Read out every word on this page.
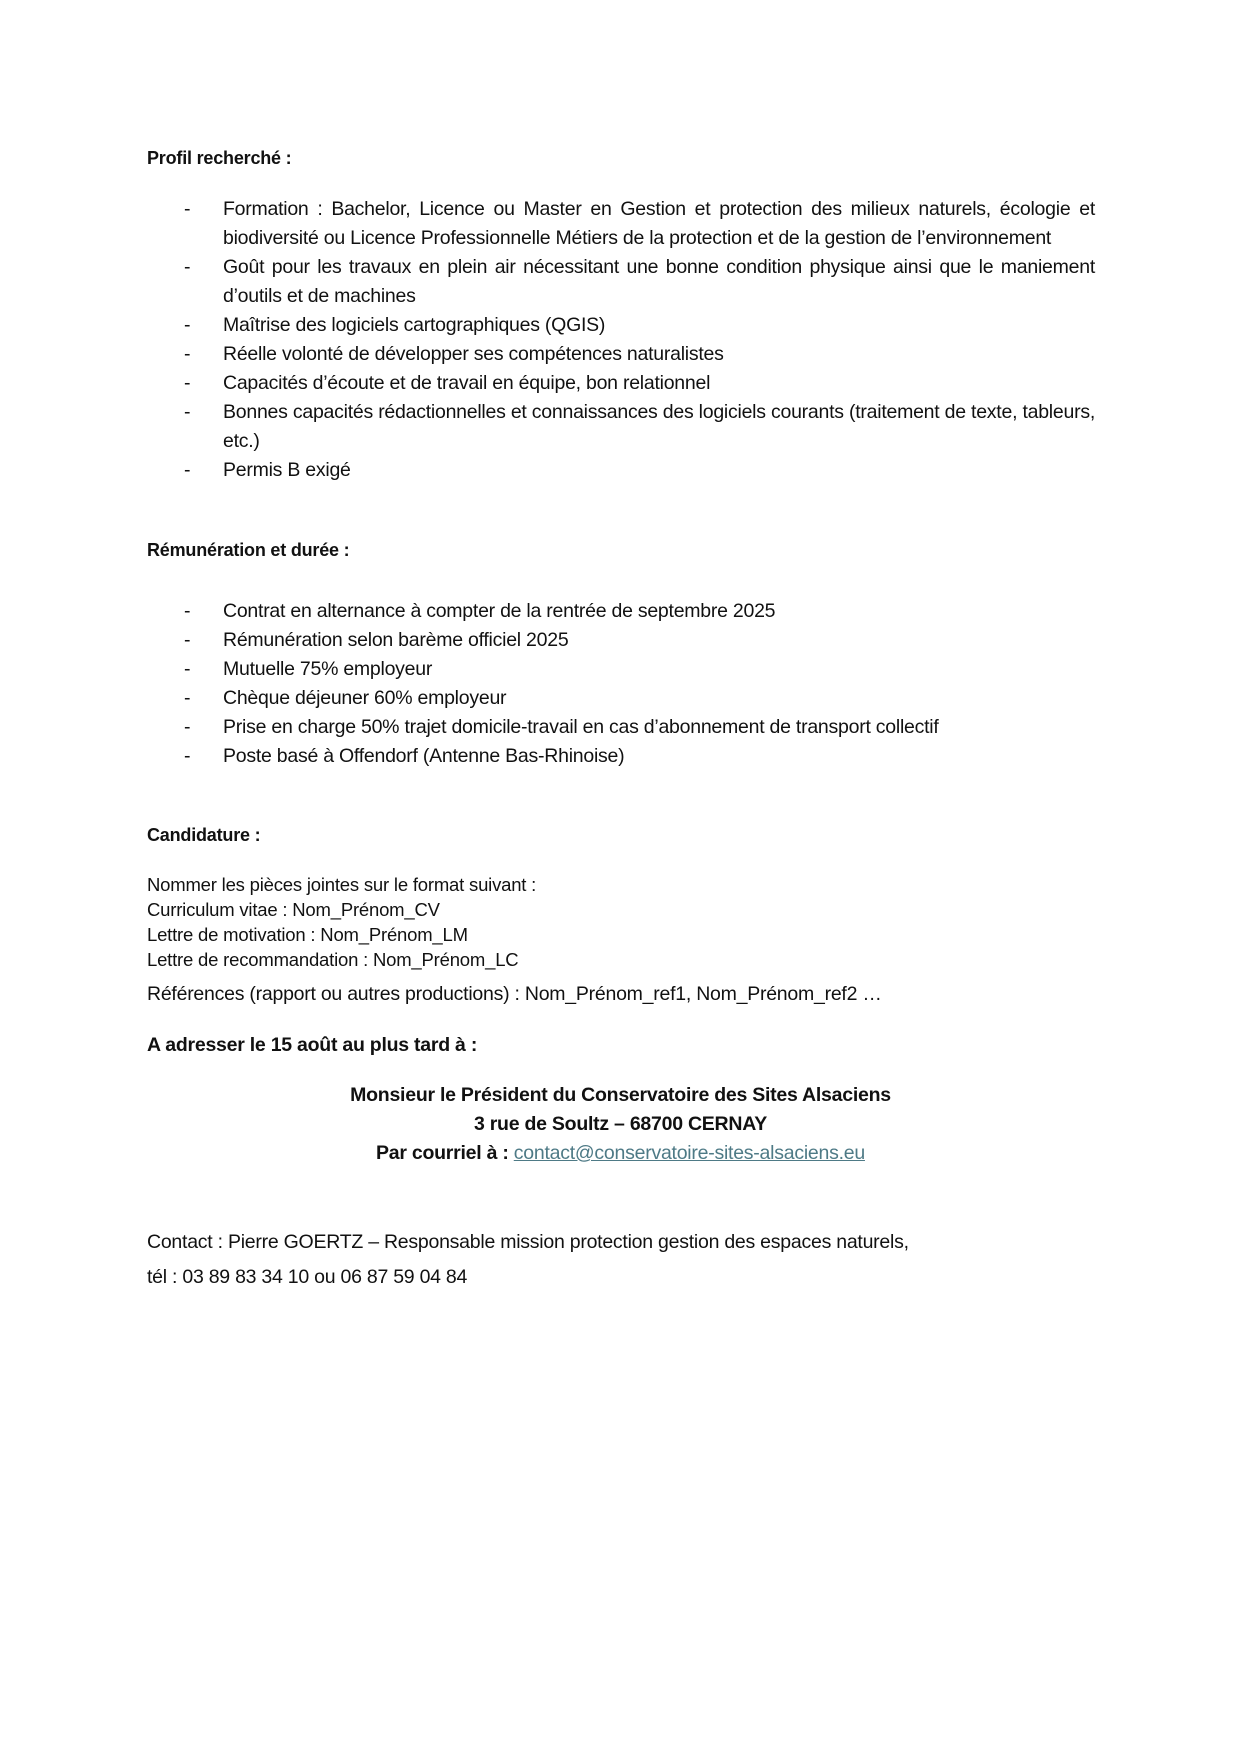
Profil recherché :
- Formation : Bachelor, Licence ou Master en Gestion et protection des milieux naturels, écologie et biodiversité ou Licence Professionnelle Métiers de la protection et de la gestion de l’environnement
- Goût pour les travaux en plein air nécessitant une bonne condition physique ainsi que le maniement d’outils et de machines
- Maîtrise des logiciels cartographiques (QGIS)
- Réelle volonté de développer ses compétences naturalistes
- Capacités d’écoute et de travail en équipe, bon relationnel
- Bonnes capacités rédactionnelles et connaissances des logiciels courants (traitement de texte, tableurs, etc.)
- Permis B exigé
Rémunération et durée :
- Contrat en alternance à compter de la rentrée de septembre 2025
- Rémunération selon barème officiel 2025
- Mutuelle 75% employeur
- Chèque déjeuner 60% employeur
- Prise en charge 50% trajet domicile-travail en cas d’abonnement de transport collectif
- Poste basé à Offendorf (Antenne Bas-Rhinoise)
Candidature :
Nommer les pièces jointes sur le format suivant :
Curriculum vitae : Nom_Prénom_CV
Lettre de motivation : Nom_Prénom_LM
Lettre de recommandation : Nom_Prénom_LC
Références (rapport ou autres productions) : Nom_Prénom_ref1, Nom_Prénom_ref2 …
A adresser le 15 août au plus tard à :
Monsieur le Président du Conservatoire des Sites Alsaciens
3 rue de Soultz – 68700 CERNAY
Par courriel à : contact@conservatoire-sites-alsaciens.eu
Contact : Pierre GOERTZ – Responsable mission protection gestion des espaces naturels,
tél : 03 89 83 34 10 ou 06 87 59 04 84
